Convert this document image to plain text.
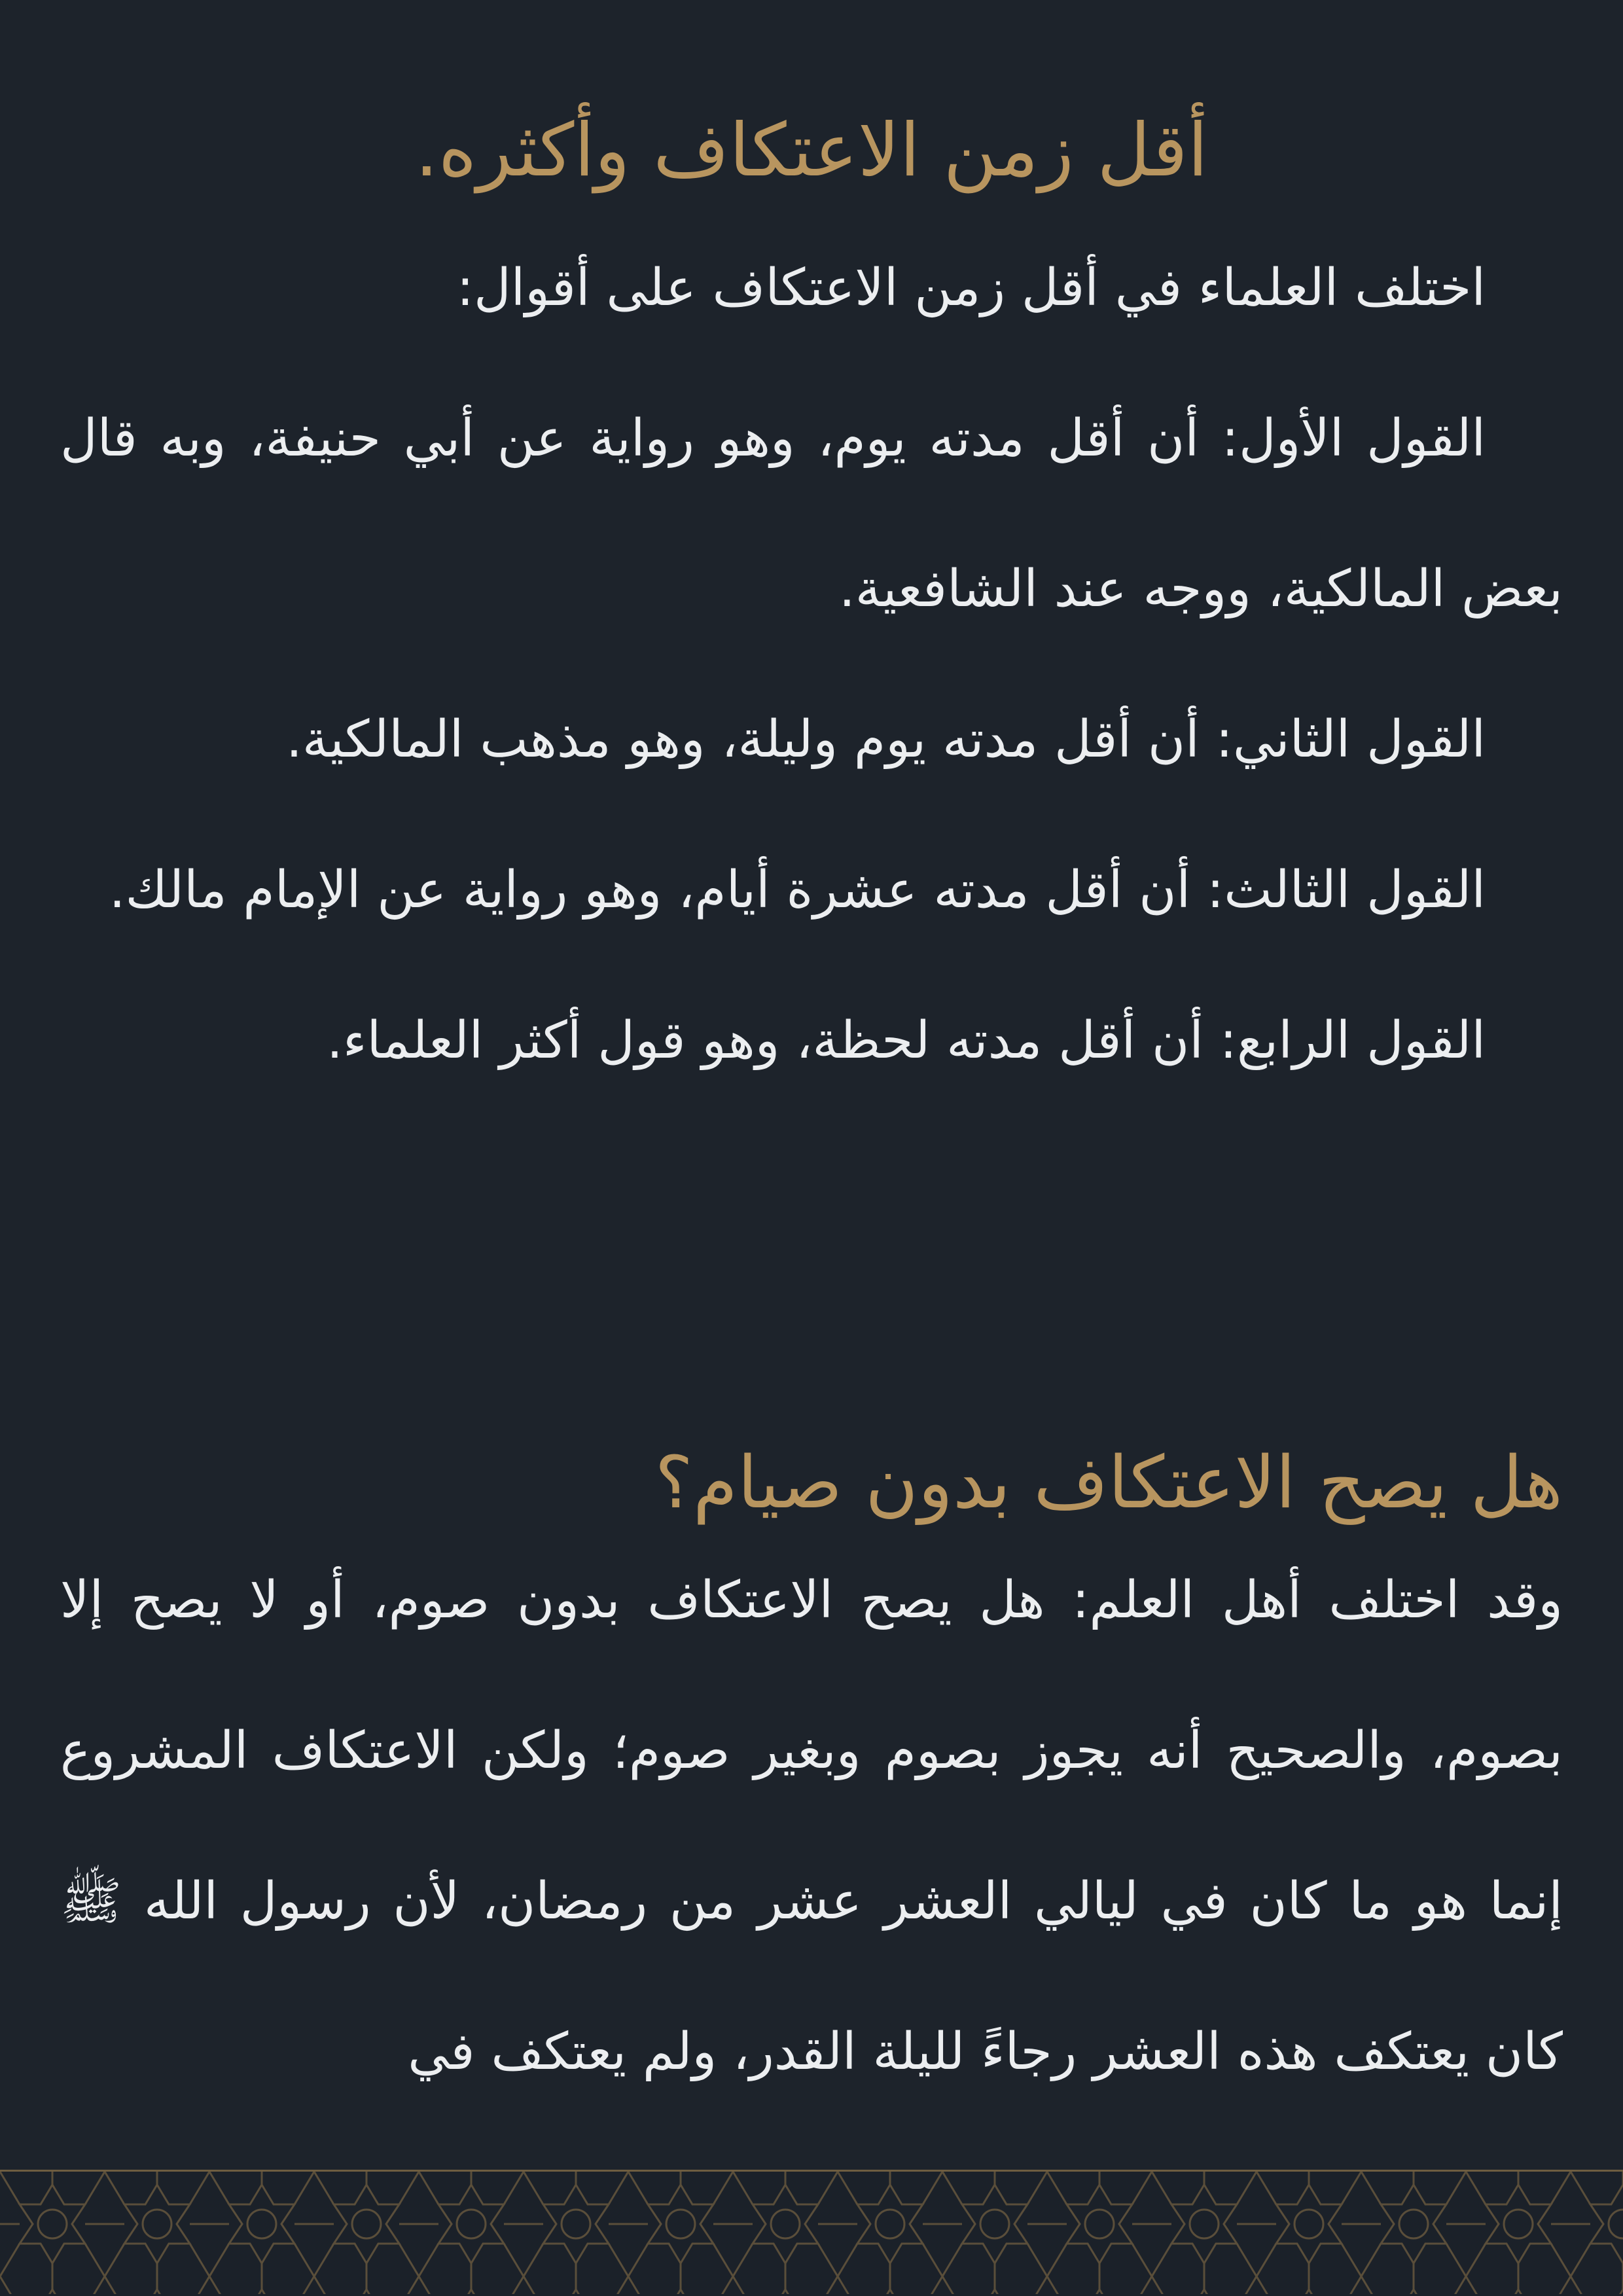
أقل زمن الاعتكاف وأكثره.

اختلف العلماء في أقل زمن الاعتكاف على أقوال:

القول الأول: أن أقل مدته يوم، وهو رواية عن أبي حنيفة، وبه قال بعض المالكية، ووجه عند الشافعية.

القول الثاني: أن أقل مدته يوم وليلة، وهو مذهب المالكية.

القول الثالث: أن أقل مدته عشرة أيام، وهو رواية عن الإمام مالك.

القول الرابع: أن أقل مدته لحظة، وهو قول أكثر العلماء.

هل يصح الاعتكاف بدون صيام؟

وقد اختلف أهل العلم: هل يصح الاعتكاف بدون صوم، أو لا يصح إلا بصوم، والصحيح أنه يجوز بصوم وبغير صوم؛ ولكن الاعتكاف المشروع إنما هو ما كان في ليالي العشر عشر من رمضان، لأن رسول الله ﷺ كان يعتكف هذه العشر رجاءً لليلة القدر، ولم يعتكف في
